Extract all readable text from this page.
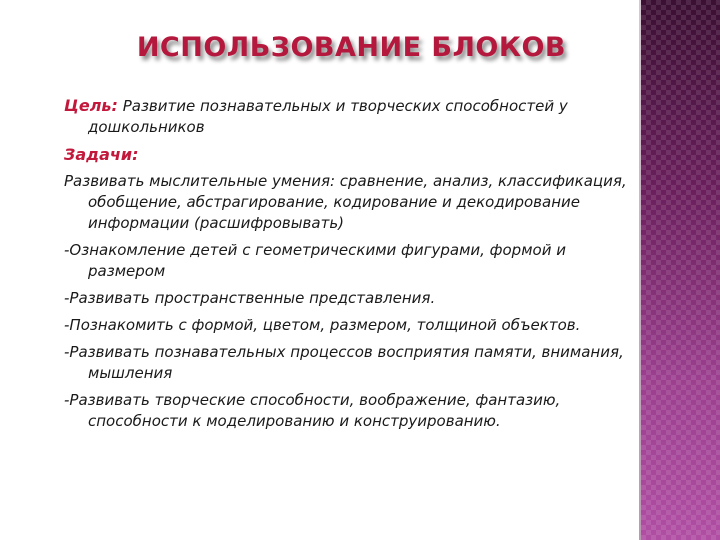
ИСПОЛЬЗОВАНИЕ БЛОКОВ

Цель: Развитие познавательных и творческих способностей у дошкольников

Задачи:

Развивать мыслительные умения: сравнение, анализ, классификация, обобщение, абстрагирование, кодирование и декодирование информации (расшифровывать)

-Ознакомление детей с геометрическими фигурами, формой и размером

-Развивать пространственные представления.

-Познакомить с формой, цветом, размером, толщиной объектов.

-Развивать познавательных процессов восприятия памяти, внимания, мышления

-Развивать творческие способности, воображение, фантазию, способности к моделированию и конструированию.
